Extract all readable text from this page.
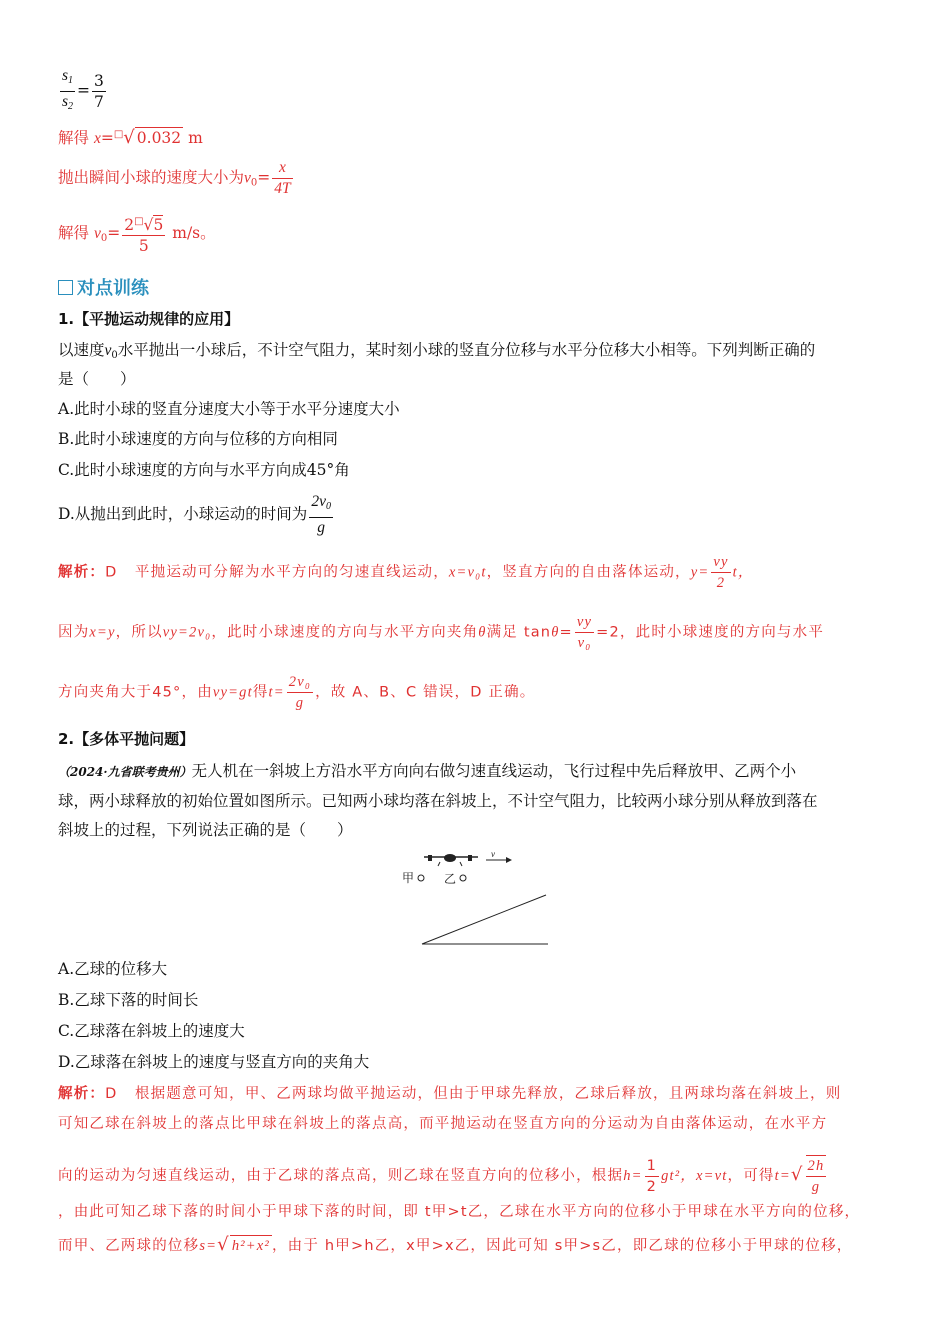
$\frac{s_1}{s_2} = \frac{3}{7}$
解得 x=□√ 0.032 m
抛出瞬间小球的速度大小为$v_0= \frac{x}{4T}$
解得 $v_0= \frac{2^□√5}{5} m/s$。
对点训练
1.【平抛运动规律的应用】
以速度$v_0$水平抛出一小球后，不计空气阻力，某时刻小球的竖直分位移与水平分位移大小相等。下列判断正确的
是（　　）
A.此时小球的竖直分速度大小等于水平分速度大小
B.此时小球速度的方向与位移的方向相同
C.此时小球速度的方向与水平方向成45°角
D.从抛出到此时，小球运动的时间为 $\frac{2v_0}{g}$
解析：D 平抛运动可分解为水平方向的匀速直线运动，x=v₀t，竖直方向的自由落体运动，$y= \frac{vy}{2}$ t，
因为x=y，所以vy=2v₀，此时小球速度的方向与水平方向夹角θ满足 $\tan\theta= \frac{vy}{\text{v₀}} =2$，此时小球速度的方向与水平
方向夹角大于45°，由vy=gt得$t= \frac{\text{2v₀}}{g}$ ，故 A、B、C 错误，D 正确。
2.【多体平抛问题】
（2024·九省联考贵州）无人机在一斜坡上方沿水平方向向右做匀速直线运动，飞行过程中先后释放甲、乙两个小
球，两小球释放的初始位置如图所示。已知两小球均落在斜坡上，不计空气阻力，比较两小球分别从释放到落在
斜坡上的过程，下列说法正确的是（　　）
v
甲 乙
A.乙球的位移大
B.乙球下落的时间长
C.乙球落在斜坡上的速度大
D.乙球落在斜坡上的速度与竖直方向的夹角大
解析：D 根据题意可知，甲、乙两球均做平抛运动，但由于甲球先释放，乙球后释放，且两球均落在斜坡上，则
可知乙球在斜坡上的落点比甲球在斜坡上的落点高，而平抛运动在竖直方向的分运动为自由落体运动，在水平方
向的运动为匀速直线运动，由于乙球的落点高，则乙球在竖直方向的位移小，根据$h= \frac{1}{2} gt^2$，x=vt，可得$t=√ \frac{2h}{g}$
，由此可知乙球下落的时间小于甲球下落的时间，即 t甲>t乙，乙球在水平方向的位移小于甲球在水平方向的位移，
而甲、乙两球的位移s=√ h²+x² ，由于 h甲>h乙，x甲>x乙，因此可知 s甲>s乙，即乙球的位移小于甲球的位移，
